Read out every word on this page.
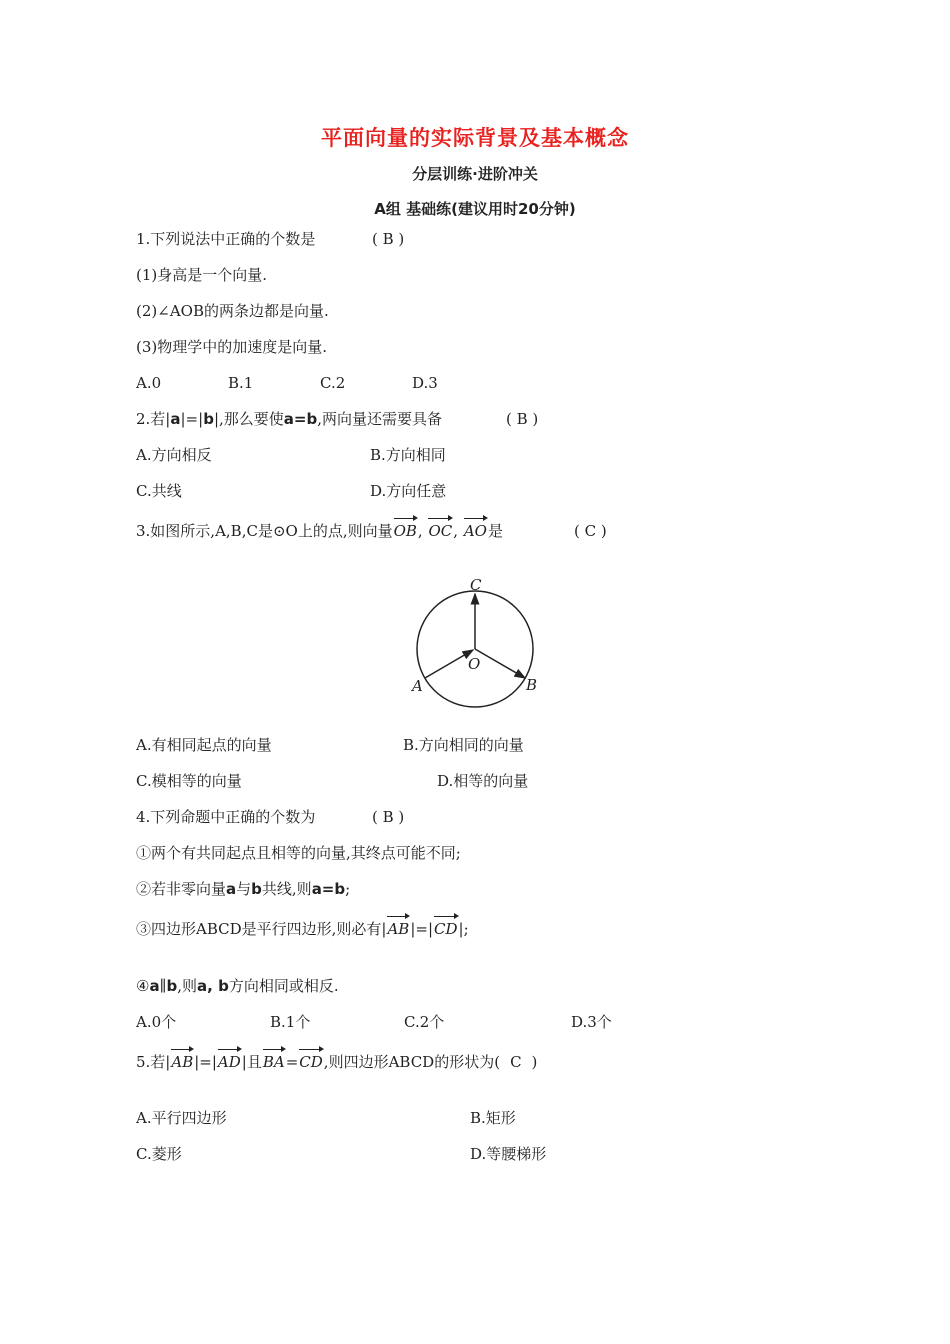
平面向量的实际背景及基本概念
分层训练·进阶冲关
A组 基础练(建议用时20分钟)
1.下列说法中正确的个数是	( B )
(1)身高是一个向量.
(2)∠AOB的两条边都是向量.
(3)物理学中的加速度是向量.
A.0	B.1	C.2	D.3
2.若|a|=|b|,那么要使a=b,两向量还需要具备	( B )
A.方向相反	B.方向相同
C.共线	D.方向任意
3.如图所示,A,B,C是⊙O上的点,则向量OB, OC, AO是	( C )
C
O
A	B
A.有相同起点的向量	B.方向相同的向量
C.模相等的向量	D.相等的向量
4.下列命题中正确的个数为	( B )
①两个有共同起点且相等的向量,其终点可能不同;
②若非零向量a与b共线,则a=b;
③四边形ABCD是平行四边形,则必有|AB|=|CD|;
④a∥b,则a, b方向相同或相反.
A.0个	B.1个	C.2个	D.3个
5.若|AB|=|AD|且BA=CD,则四边形ABCD的形状为( C )
A.平行四边形	B.矩形
C.菱形	D.等腰梯形
